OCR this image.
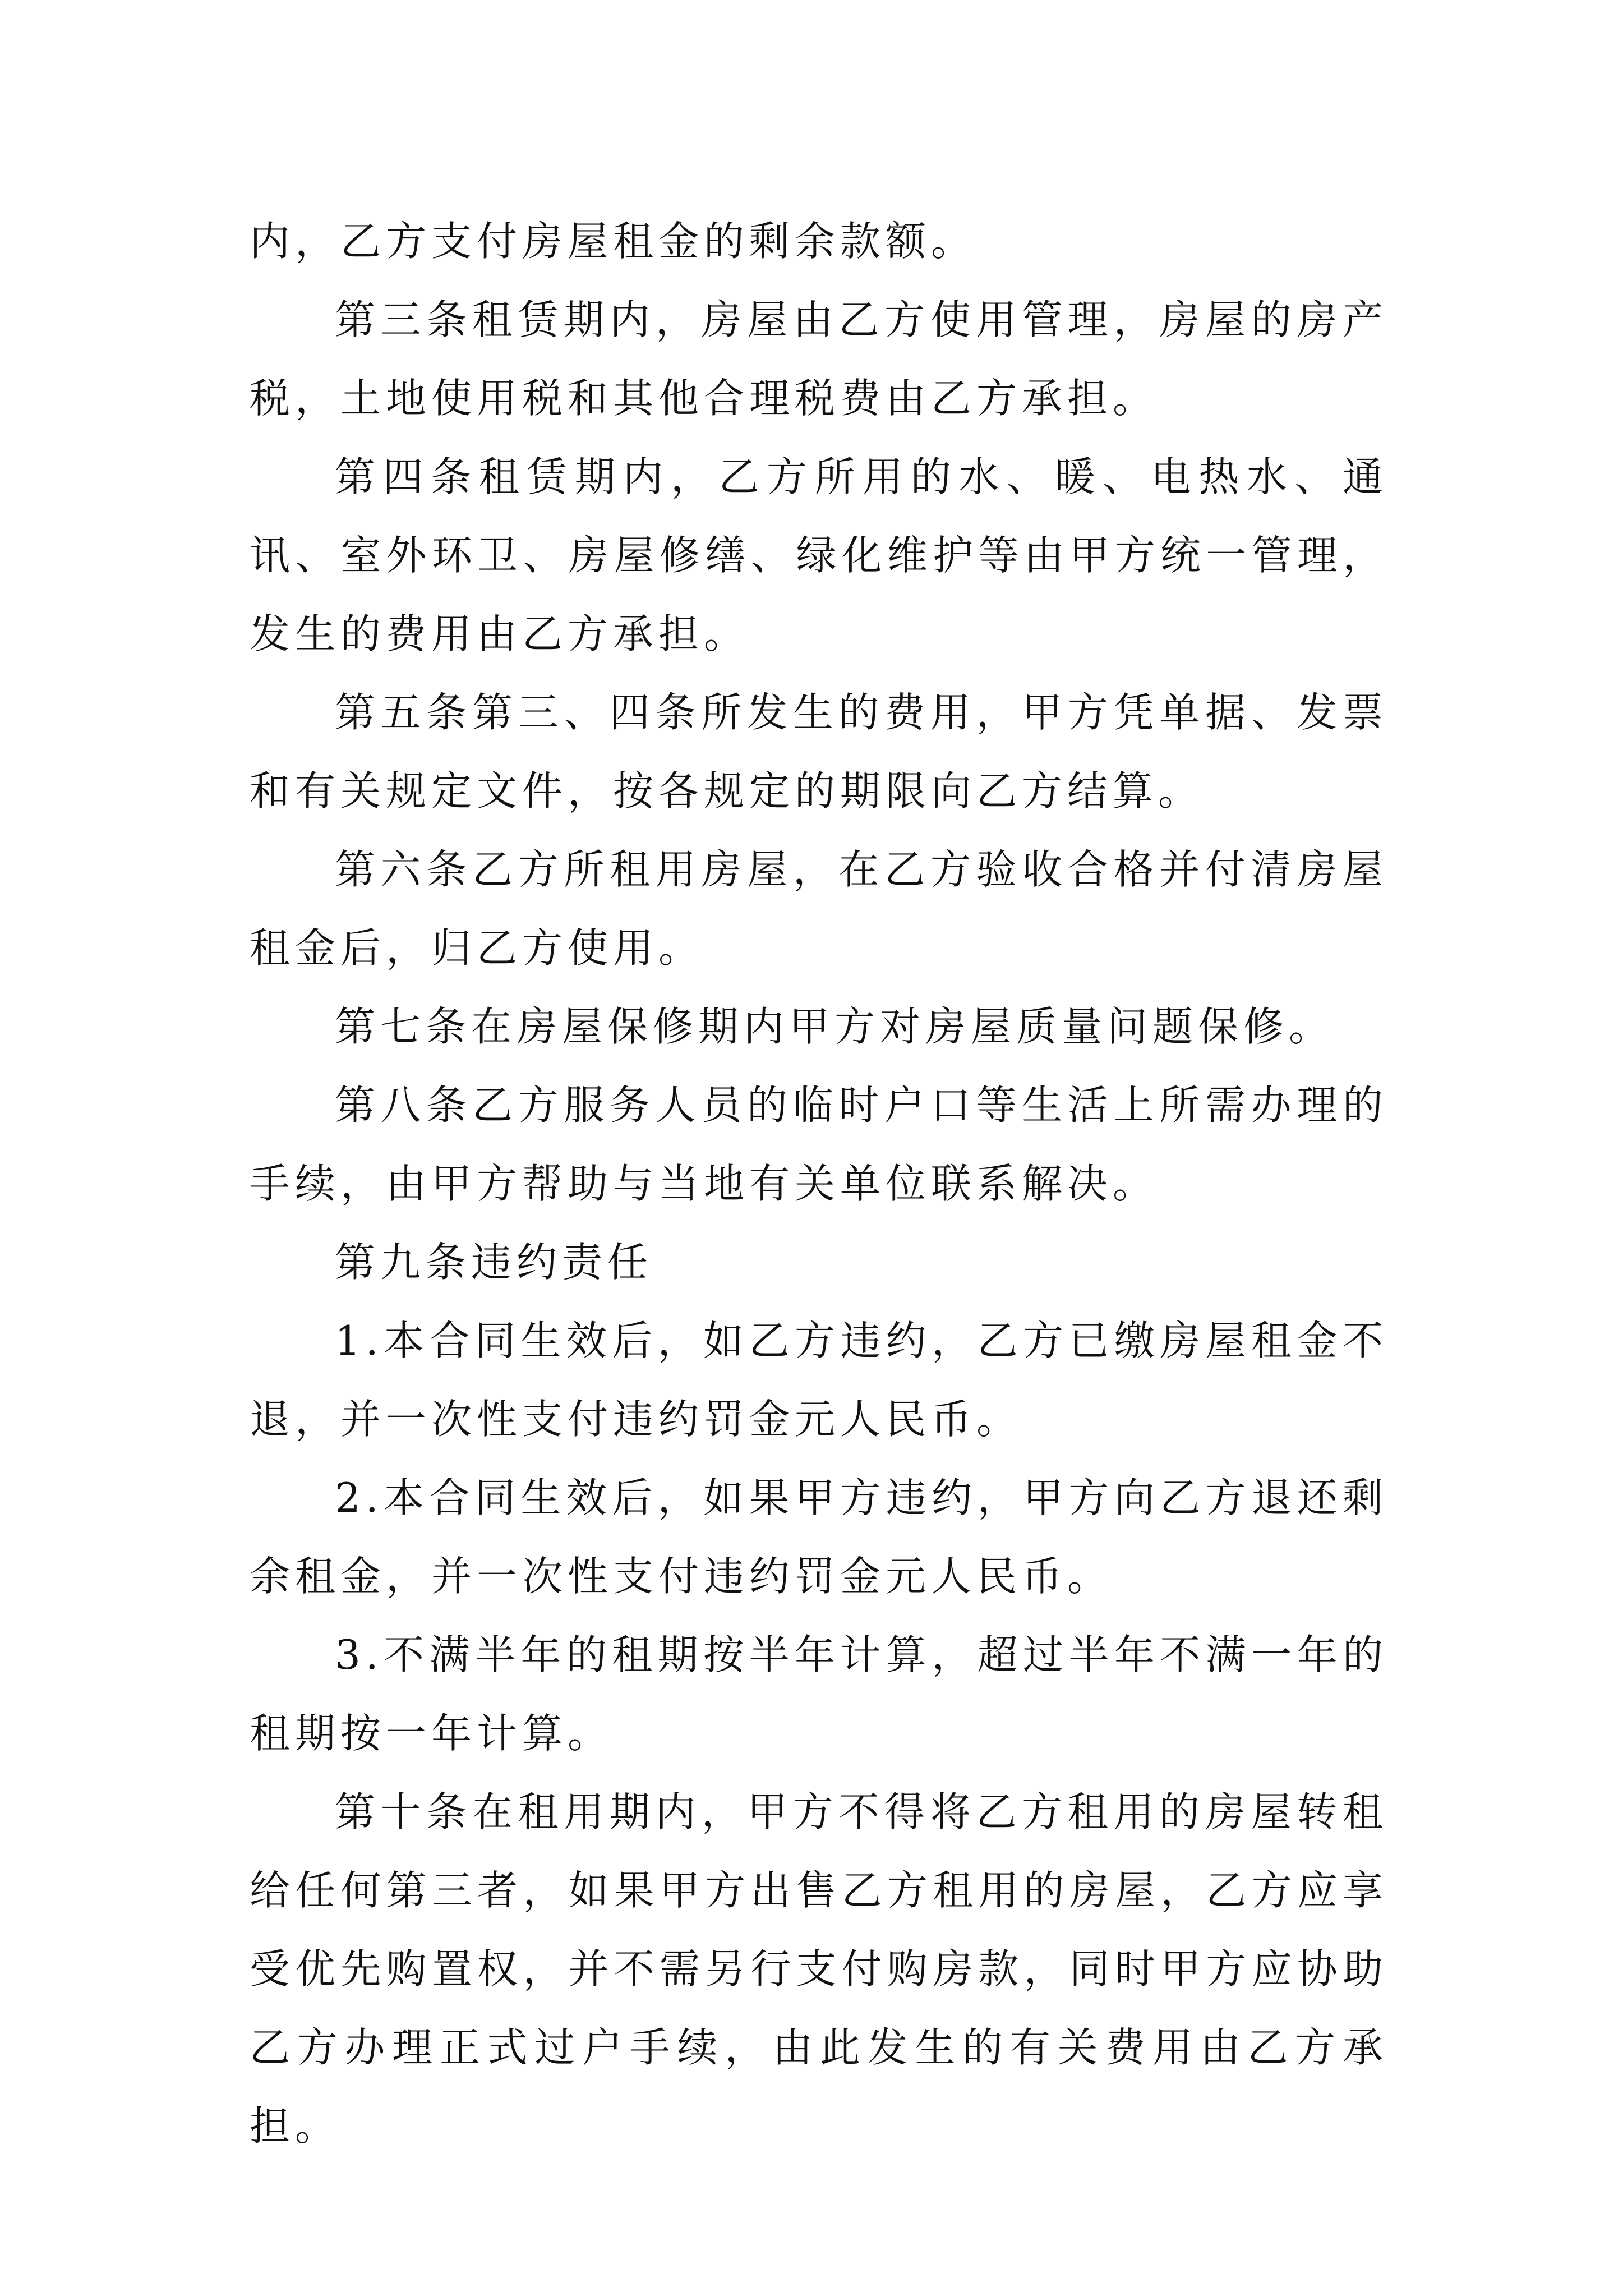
内，乙方支付房屋租金的剩余款额。

第三条租赁期内，房屋由乙方使用管理，房屋的房产税，土地使用税和其他合理税费由乙方承担。

第四条租赁期内，乙方所用的水、暖、电热水、通讯、室外环卫、房屋修缮、绿化维护等由甲方统一管理，发生的费用由乙方承担。

第五条第三、四条所发生的费用，甲方凭单据、发票和有关规定文件，按各规定的期限向乙方结算。

第六条乙方所租用房屋，在乙方验收合格并付清房屋租金后，归乙方使用。

第七条在房屋保修期内甲方对房屋质量问题保修。

第八条乙方服务人员的临时户口等生活上所需办理的手续，由甲方帮助与当地有关单位联系解决。

第九条违约责任

1.本合同生效后，如乙方违约，乙方已缴房屋租金不退，并一次性支付违约罚金元人民币。

2.本合同生效后，如果甲方违约，甲方向乙方退还剩余租金，并一次性支付违约罚金元人民币。

3.不满半年的租期按半年计算，超过半年不满一年的租期按一年计算。

第十条在租用期内，甲方不得将乙方租用的房屋转租给任何第三者，如果甲方出售乙方租用的房屋，乙方应享受优先购置权，并不需另行支付购房款，同时甲方应协助乙方办理正式过户手续，由此发生的有关费用由乙方承担。
